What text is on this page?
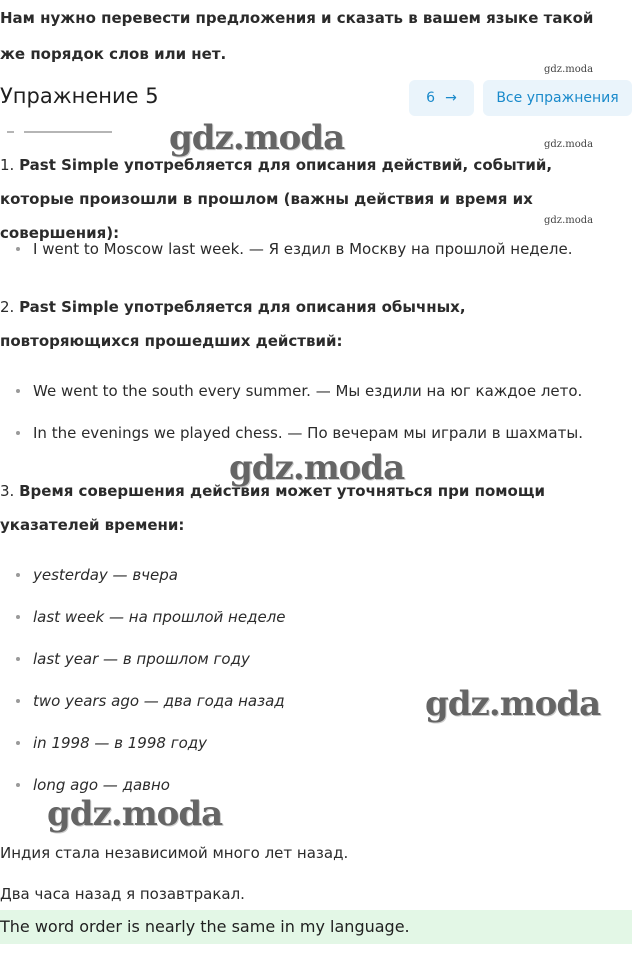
Нам нужно перевести предложения и сказать в вашем языке такой же порядок слов или нет.
gdz.moda
gdz.moda
gdz.moda
Упражнение 5	6 →	Все упражнения
gdz.moda
1. Past Simple употребляется для описания действий, событий, которые произошли в прошлом (важны действия и время их совершения):
I went to Moscow last week. — Я ездил в Москву на прошлой неделе.
2. Past Simple употребляется для описания обычных, повторяющихся прошедших действий:
We went to the south every summer. — Мы ездили на юг каждое лето.
In the evenings we played chess. — По вечерам мы играли в шахматы.
gdz.moda
3. Время совершения действия может уточняться при помощи указателей времени:
yesterday — вчера
last week — на прошлой неделе
last year — в прошлом году
two years ago — два года назад
in 1998 — в 1998 году
long ago — давно
gdz.moda
gdz.moda
Индия стала независимой много лет назад.
Два часа назад я позавтракал.
The word order is nearly the same in my language.
